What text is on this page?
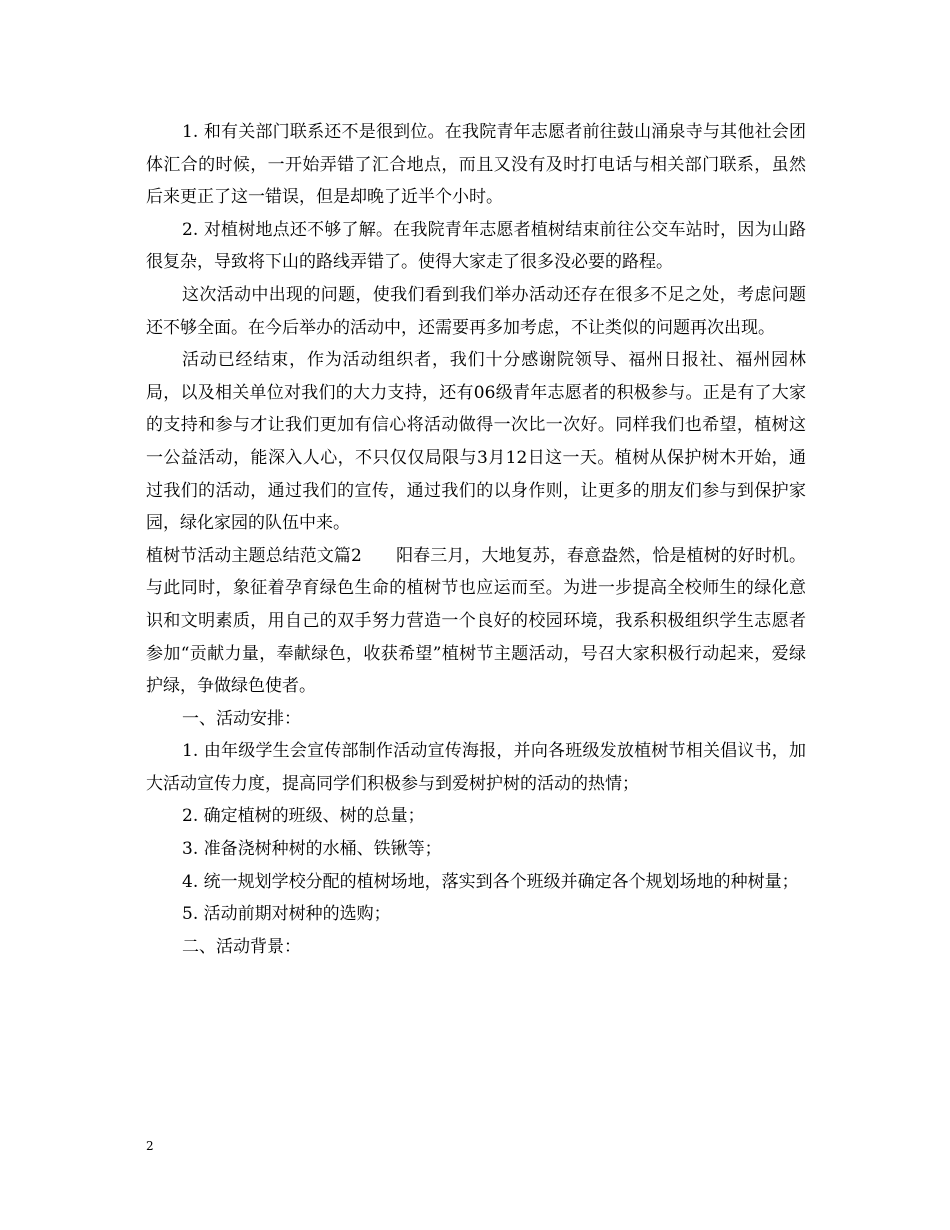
1. 和有关部门联系还不是很到位。在我院青年志愿者前往鼓山涌泉寺与其他社会团体汇合的时候，一开始弄错了汇合地点，而且又没有及时打电话与相关部门联系，虽然后来更正了这一错误，但是却晚了近半个小时。

2. 对植树地点还不够了解。在我院青年志愿者植树结束前往公交车站时，因为山路很复杂，导致将下山的路线弄错了。使得大家走了很多没必要的路程。

这次活动中出现的问题，使我们看到我们举办活动还存在很多不足之处，考虑问题还不够全面。在今后举办的活动中，还需要再多加考虑，不让类似的问题再次出现。

活动已经结束，作为活动组织者，我们十分感谢院领导、福州日报社、福州园林局，以及相关单位对我们的大力支持，还有06级青年志愿者的积极参与。正是有了大家的支持和参与才让我们更加有信心将活动做得一次比一次好。同样我们也希望，植树这一公益活动，能深入人心，不只仅仅局限与3月12日这一天。植树从保护树木开始，通过我们的活动，通过我们的宣传，通过我们的以身作则，让更多的朋友们参与到保护家园，绿化家园的队伍中来。

植树节活动主题总结范文篇2　　阳春三月，大地复苏，春意盎然，恰是植树的好时机。与此同时，象征着孕育绿色生命的植树节也应运而至。为进一步提高全校师生的绿化意识和文明素质，用自己的双手努力营造一个良好的校园环境，我系积极组织学生志愿者参加“贡献力量，奉献绿色，收获希望”植树节主题活动，号召大家积极行动起来，爱绿护绿，争做绿色使者。

一、活动安排：

1. 由年级学生会宣传部制作活动宣传海报，并向各班级发放植树节相关倡议书，加大活动宣传力度，提高同学们积极参与到爱树护树的活动的热情；

2. 确定植树的班级、树的总量；

3. 准备浇树种树的水桶、铁锹等；

4. 统一规划学校分配的植树场地，落实到各个班级并确定各个规划场地的种树量；

5. 活动前期对树种的选购；

二、活动背景：

2
